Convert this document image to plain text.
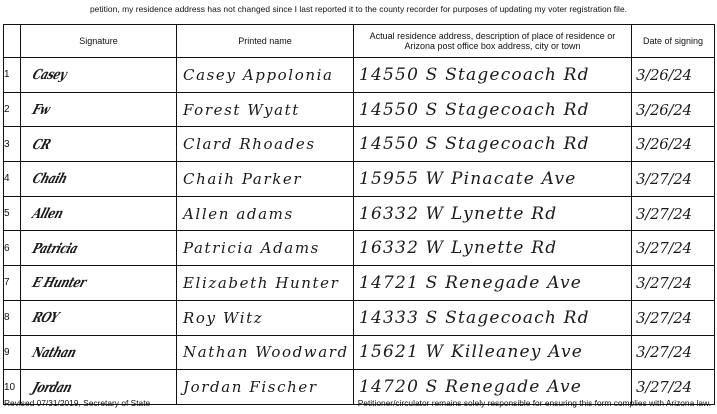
petition, my residence address has not changed since I last reported it to the county recorder for purposes of updating my voter registration file.
	Signature	Printed name	Actual residence address, description of place of residence or Arizona post office box address, city or town	Date of signing
1	Casey	Casey Appolonia	14550 S Stagecoach Rd	3/26/24

2	Fw	Forest Wyatt	14550 S Stagecoach Rd	3/26/24

3	CR	Clard Rhoades	14550 S Stagecoach Rd	3/26/24

4	Chaih	Chaih Parker	15955 W Pinacate Ave	3/27/24

5	Allen	Allen adams	16332 W Lynette Rd	3/27/24

6	Patricia	Patricia Adams	16332 W Lynette Rd	3/27/24

7	E Hunter	Elizabeth Hunter	14721 S Renegade Ave	3/27/24

8	ROY	Roy Witz	14333 S Stagecoach Rd	3/27/24

9	Nathan	Nathan Woodward	15621 W Killeaney Ave	3/27/24

10	Jordan	Jordan Fischer	14720 S Renegade Ave	3/27/24
Revised 07/31/2019, Secretary of State	Petitioner/circulator remains solely responsible for ensuring this form complies with Arizona law.
